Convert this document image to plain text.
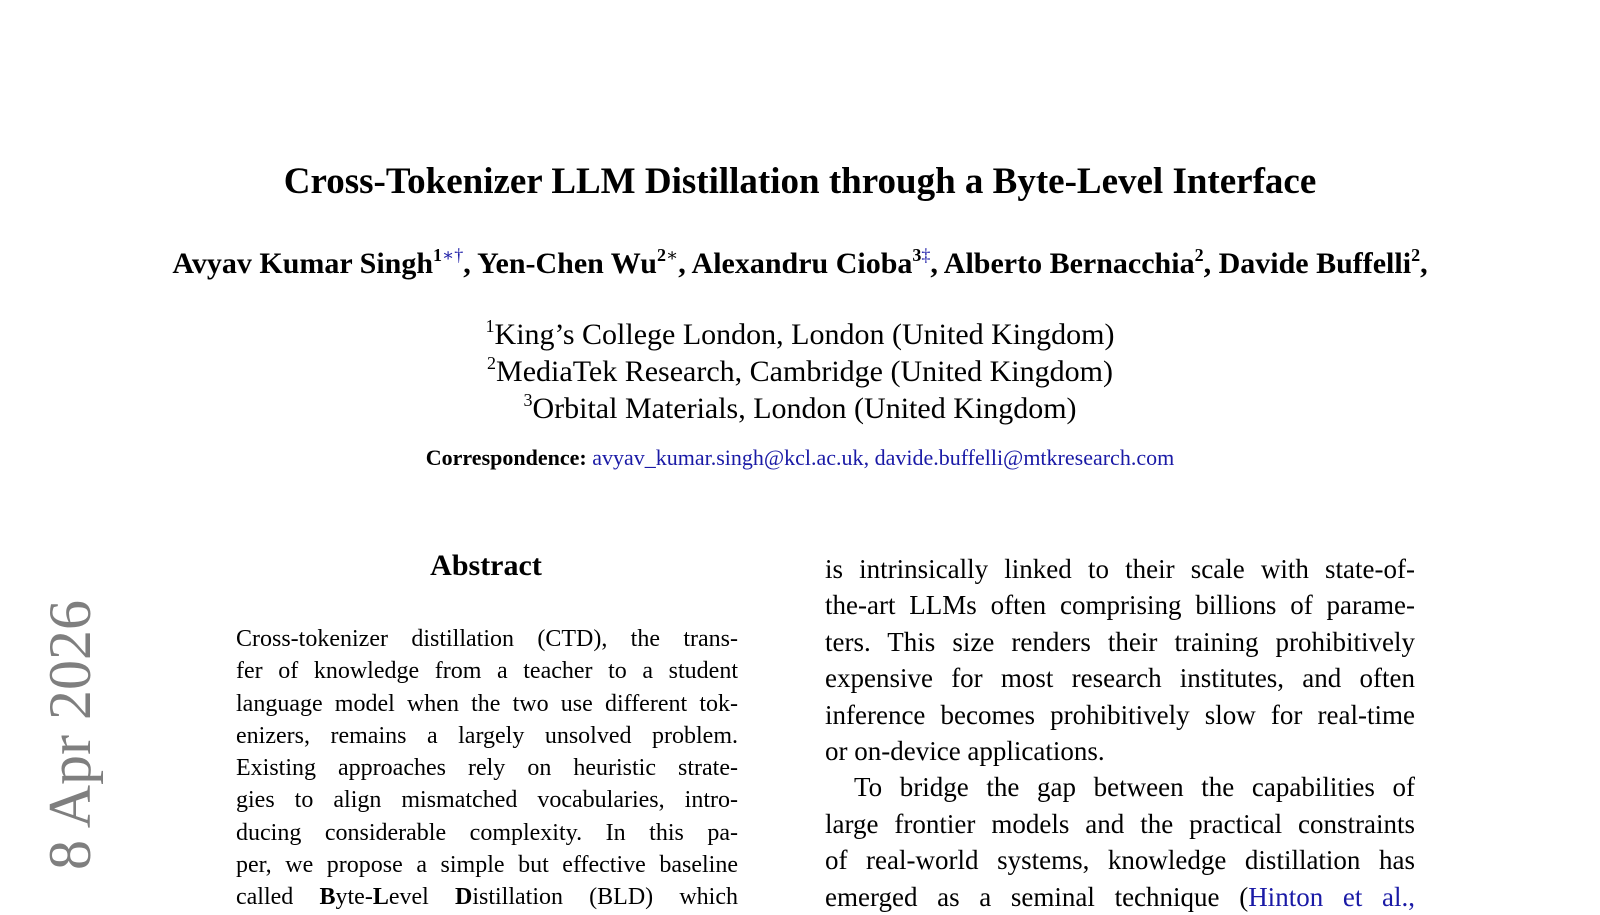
8 Apr 2026
Cross-Tokenizer LLM Distillation through a Byte-Level Interface
Avyav Kumar Singh$^{1∗\dagger}$, Yen-Chen $Wu^{2∗}$, Alexandru Cioba$^{3\ddagger}$, Alberto Bernacchia$^2$, Davide Buffelli$^2$,
$^1$King’s College London, London (United Kingdom)
$^2$MediaTek Research, Cambridge (United Kingdom)
$^3$Orbital Materials, London (United Kingdom)
Correspondence: avyav_kumar.singh@kcl.ac.uk, davide.buffelli@mtkresearch.com
Abstract
Cross-tokenizer distillation (CTD), the trans-
fer of knowledge from a teacher to a student
language model when the two use different tok-
enizers, remains a largely unsolved problem.
Existing approaches rely on heuristic strate-
gies to align mismatched vocabularies, intro-
ducing considerable complexity. In this pa-
per, we propose a simple but effective baseline
called Byte-Level Distillation (BLD) which
is intrinsically linked to their scale with state-of-
the-art LLMs often comprising billions of parame-
ters. This size renders their training prohibitively
expensive for most research institutes, and often
inference becomes prohibitively slow for real-time
or on-device applications.
To bridge the gap between the capabilities of
large frontier models and the practical constraints
of real-world systems, knowledge distillation has
emerged as a seminal technique (Hinton et al.,
